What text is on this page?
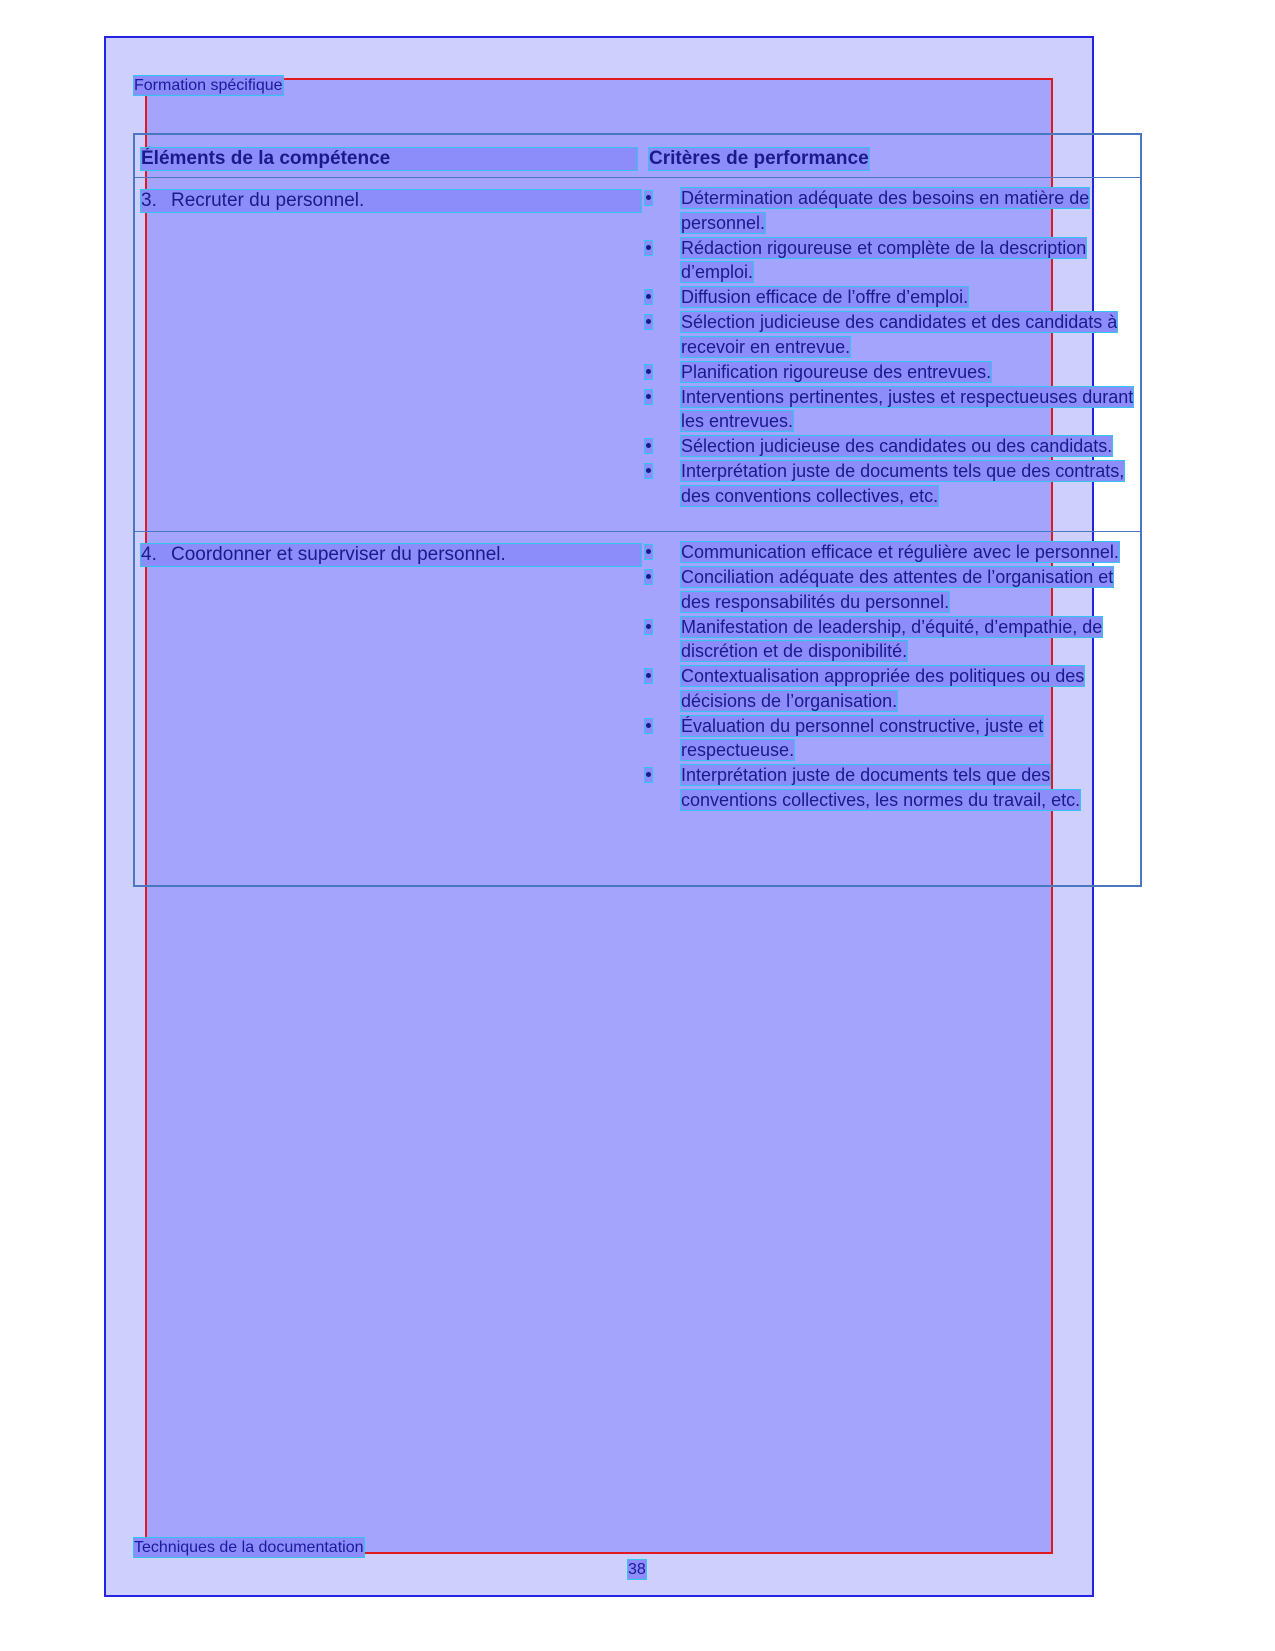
Formation spécifique
Éléments de la compétence	Critères de performance
3. Recruter du personnel.	Détermination adéquate des besoins en matière de personnel.
Rédaction rigoureuse et complète de la description d’emploi.
Diffusion efficace de l’offre d’emploi.
Sélection judicieuse des candidates et des candidats à recevoir en entrevue.
Planification rigoureuse des entrevues.
Interventions pertinentes, justes et respectueuses durant les entrevues.
Sélection judicieuse des candidates ou des candidats.
Interprétation juste de documents tels que des contrats, des conventions collectives, etc.
4. Coordonner et superviser du personnel.	Communication efficace et régulière avec le personnel.
Conciliation adéquate des attentes de l’organisation et des responsabilités du personnel.
Manifestation de leadership, d’équité, d’empathie, de discrétion et de disponibilité.
Contextualisation appropriée des politiques ou des décisions de l’organisation.
Évaluation du personnel constructive, juste et respectueuse.
Interprétation juste de documents tels que des conventions collectives, les normes du travail, etc.
Techniques de la documentation
38
